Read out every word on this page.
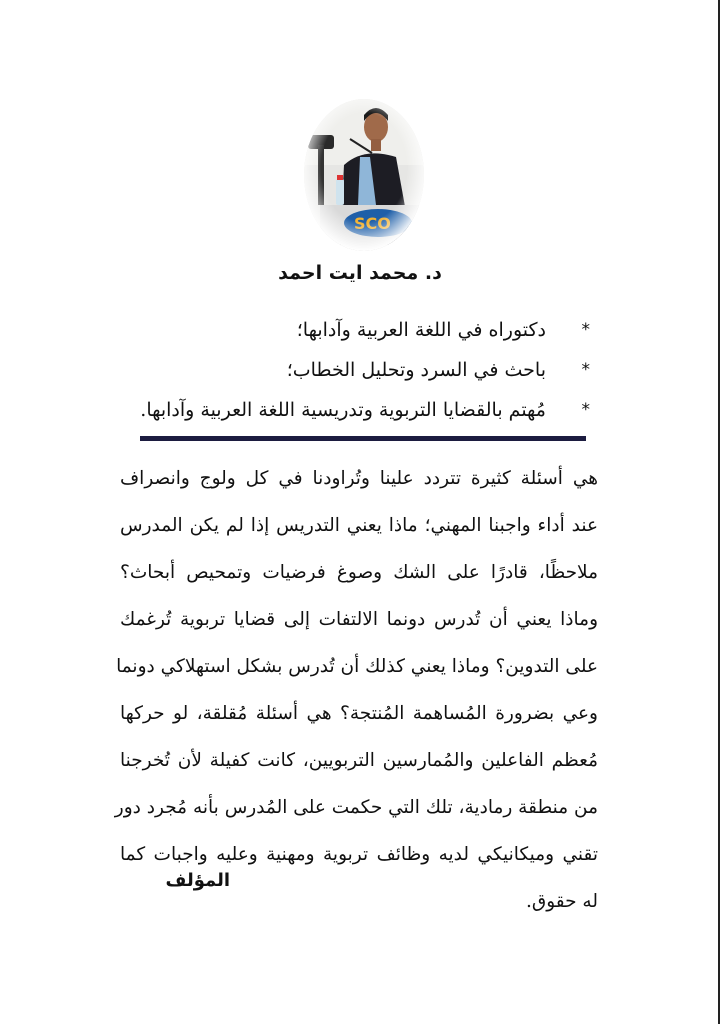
د. محمد ايت احمد
*
دكتوراه في اللغة العربية وآدابها؛
*
باحث في السرد وتحليل الخطاب؛
*
مُهتم بالقضايا التربوية وتدريسية اللغة العربية وآدابها.
هي أسئلة كثيرة تتردد علينا وتُراودنا في كل ولوج وانصراف
عند أداء واجبنا المهني؛ ماذا يعني التدريس إذا لم يكن المدرس
ملاحظًا، قادرًا على الشك وصوغ فرضيات وتمحيص أبحاث؟
وماذا يعني أن تُدرس دونما الالتفات إلى قضايا تربوية تُرغمك
على التدوين؟ وماذا يعني كذلك أن تُدرس بشكل استهلاكي دونما
وعي بضرورة المُساهمة المُنتجة؟ هي أسئلة مُقلقة، لو حركها
مُعظم الفاعلين والمُمارسين التربويين، كانت كفيلة لأن تُخرجنا
من منطقة رمادية، تلك التي حكمت على المُدرس بأنه مُجرد دور
تقني وميكانيكي لديه وظائف تربوية ومهنية وعليه واجبات كما
له حقوق.
المؤلف
